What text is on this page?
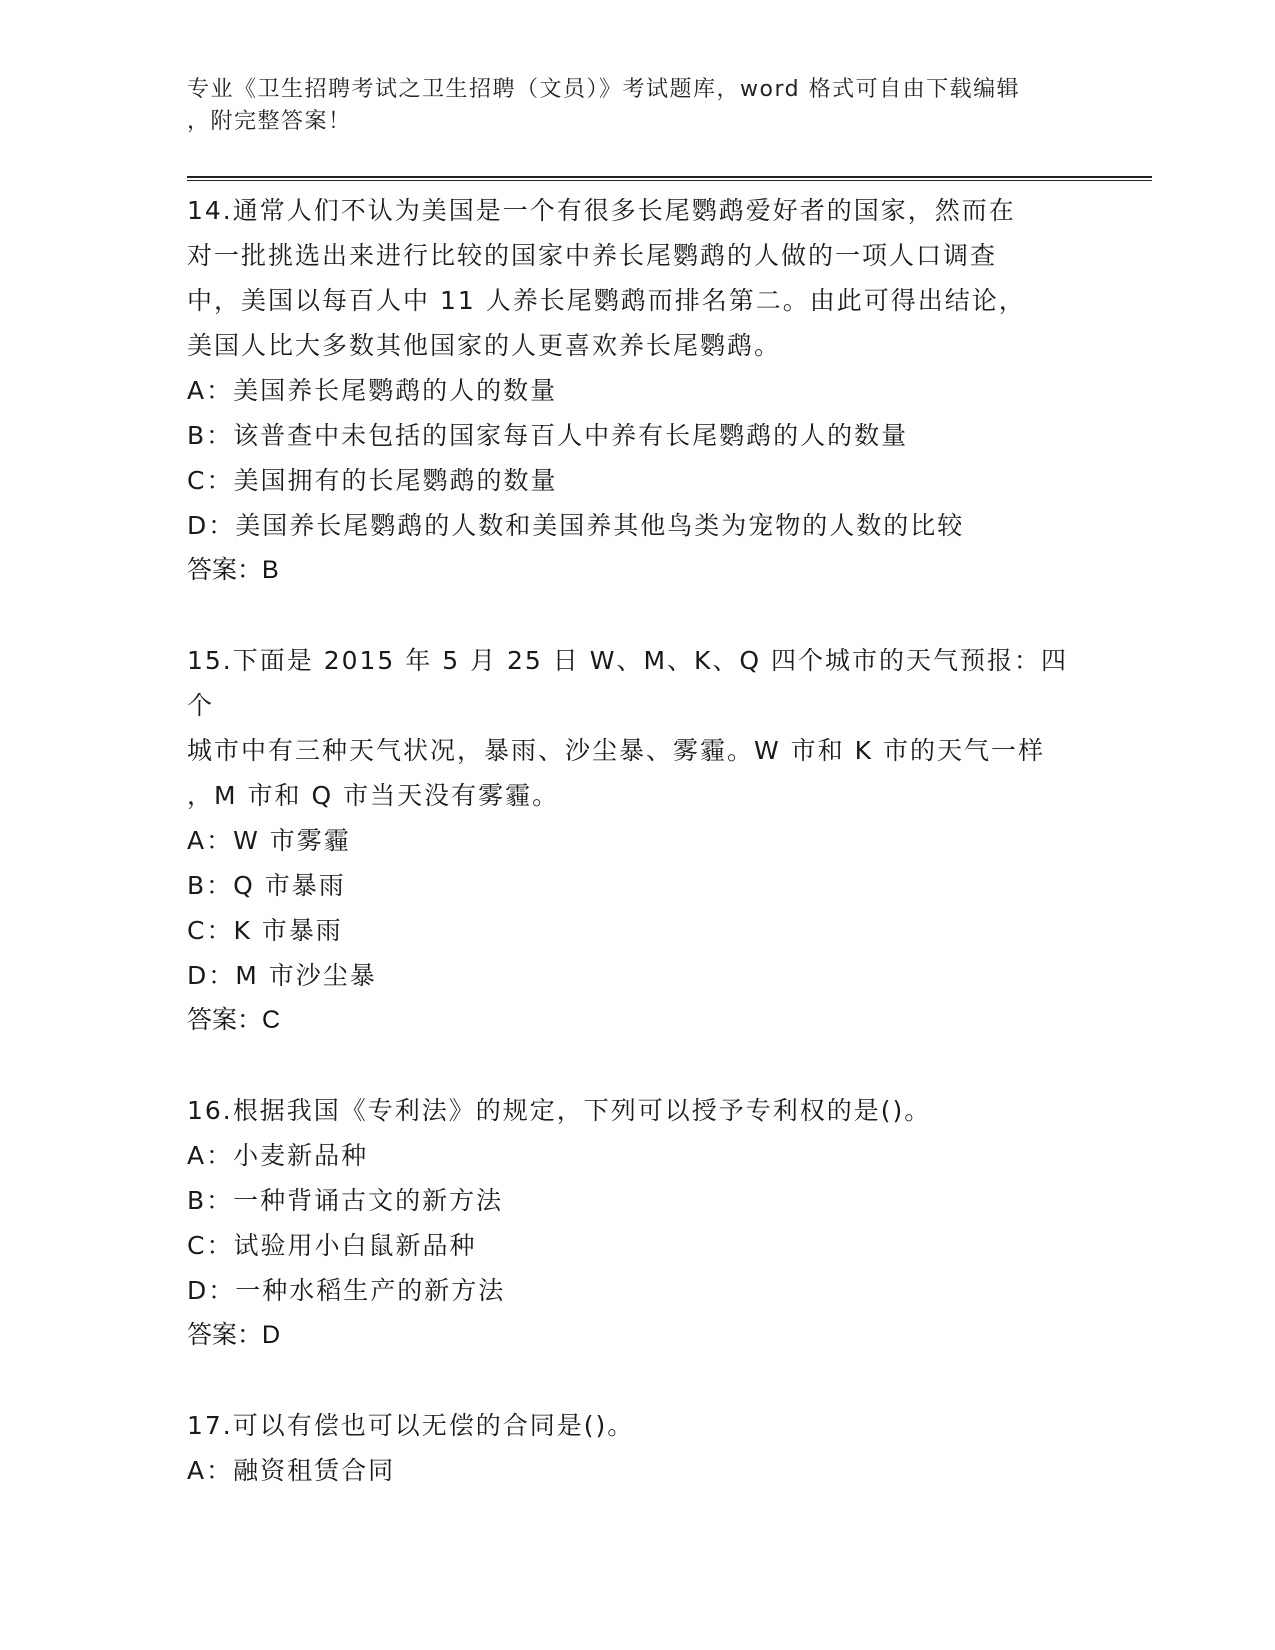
专业《卫生招聘考试之卫生招聘（文员）》考试题库，word 格式可自由下载编辑
，附完整答案！
14.通常人们不认为美国是一个有很多长尾鹦鹉爱好者的国家，然而在
对一批挑选出来进行比较的国家中养长尾鹦鹉的人做的一项人口调查
中，美国以每百人中 11 人养长尾鹦鹉而排名第二。由此可得出结论，
美国人比大多数其他国家的人更喜欢养长尾鹦鹉。
A：美国养长尾鹦鹉的人的数量
B：该普查中未包括的国家每百人中养有长尾鹦鹉的人的数量
C：美国拥有的长尾鹦鹉的数量
D：美国养长尾鹦鹉的人数和美国养其他鸟类为宠物的人数的比较
答案：B
15.下面是 2015 年 5 月 25 日 W、M、K、Q 四个城市的天气预报：四个
城市中有三种天气状况，暴雨、沙尘暴、雾霾。W 市和 K 市的天气一样
，M 市和 Q 市当天没有雾霾。
A：W 市雾霾
B：Q 市暴雨
C：K 市暴雨
D：M 市沙尘暴
答案：C
16.根据我国《专利法》的规定，下列可以授予专利权的是()。
A：小麦新品种
B：一种背诵古文的新方法
C：试验用小白鼠新品种
D：一种水稻生产的新方法
答案：D
17.可以有偿也可以无偿的合同是()。
A：融资租赁合同
